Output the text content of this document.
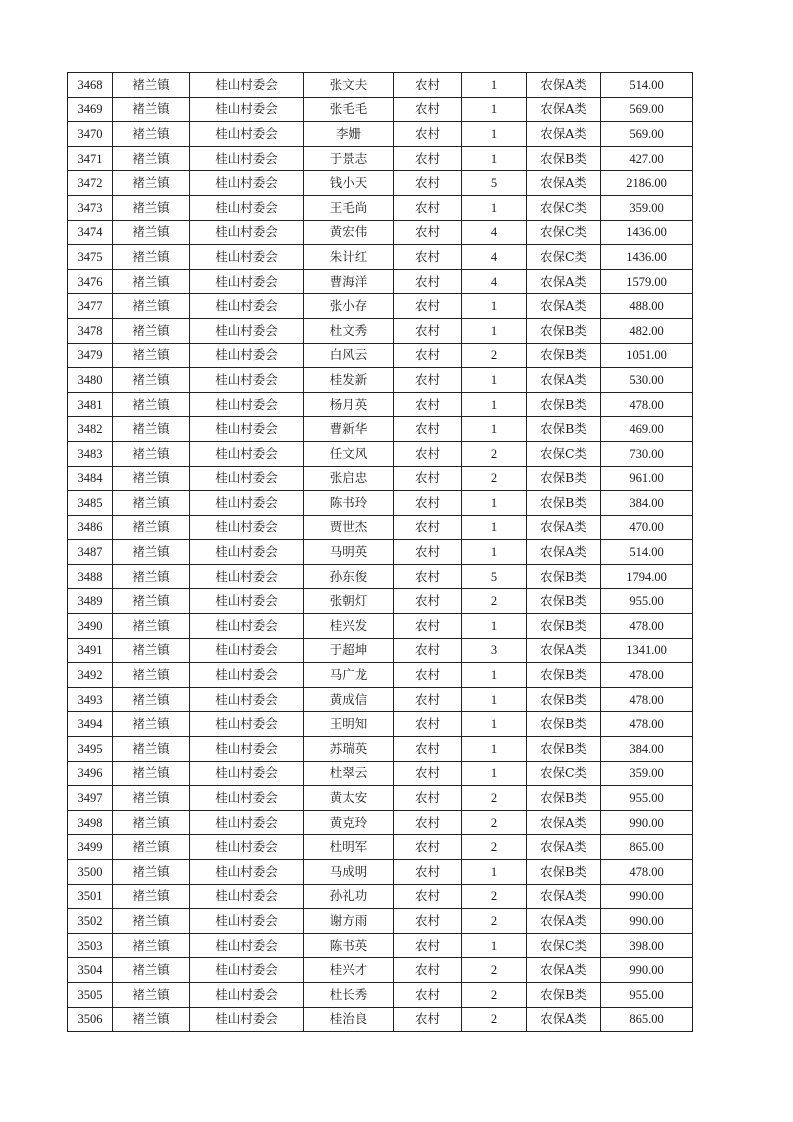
3468	褚兰镇	桂山村委会	张文夫	农村	1	农保A类	514.00
3469	褚兰镇	桂山村委会	张毛毛	农村	1	农保A类	569.00
3470	褚兰镇	桂山村委会	李姗	农村	1	农保A类	569.00
3471	褚兰镇	桂山村委会	于景志	农村	1	农保B类	427.00
3472	褚兰镇	桂山村委会	钱小天	农村	5	农保A类	2186.00
3473	褚兰镇	桂山村委会	王毛尚	农村	1	农保C类	359.00
3474	褚兰镇	桂山村委会	黄宏伟	农村	4	农保C类	1436.00
3475	褚兰镇	桂山村委会	朱计红	农村	4	农保C类	1436.00
3476	褚兰镇	桂山村委会	曹海洋	农村	4	农保A类	1579.00
3477	褚兰镇	桂山村委会	张小存	农村	1	农保A类	488.00
3478	褚兰镇	桂山村委会	杜文秀	农村	1	农保B类	482.00
3479	褚兰镇	桂山村委会	白风云	农村	2	农保B类	1051.00
3480	褚兰镇	桂山村委会	桂发新	农村	1	农保A类	530.00
3481	褚兰镇	桂山村委会	杨月英	农村	1	农保B类	478.00
3482	褚兰镇	桂山村委会	曹新华	农村	1	农保B类	469.00
3483	褚兰镇	桂山村委会	任文风	农村	2	农保C类	730.00
3484	褚兰镇	桂山村委会	张启忠	农村	2	农保B类	961.00
3485	褚兰镇	桂山村委会	陈书玲	农村	1	农保B类	384.00
3486	褚兰镇	桂山村委会	贾世杰	农村	1	农保A类	470.00
3487	褚兰镇	桂山村委会	马明英	农村	1	农保A类	514.00
3488	褚兰镇	桂山村委会	孙东俊	农村	5	农保B类	1794.00
3489	褚兰镇	桂山村委会	张朝灯	农村	2	农保B类	955.00
3490	褚兰镇	桂山村委会	桂兴发	农村	1	农保B类	478.00
3491	褚兰镇	桂山村委会	于超坤	农村	3	农保A类	1341.00
3492	褚兰镇	桂山村委会	马广龙	农村	1	农保B类	478.00
3493	褚兰镇	桂山村委会	黄成信	农村	1	农保B类	478.00
3494	褚兰镇	桂山村委会	王明知	农村	1	农保B类	478.00
3495	褚兰镇	桂山村委会	苏瑞英	农村	1	农保B类	384.00
3496	褚兰镇	桂山村委会	杜翠云	农村	1	农保C类	359.00
3497	褚兰镇	桂山村委会	黄太安	农村	2	农保B类	955.00
3498	褚兰镇	桂山村委会	黄克玲	农村	2	农保A类	990.00
3499	褚兰镇	桂山村委会	杜明军	农村	2	农保A类	865.00
3500	褚兰镇	桂山村委会	马成明	农村	1	农保B类	478.00
3501	褚兰镇	桂山村委会	孙礼功	农村	2	农保A类	990.00
3502	褚兰镇	桂山村委会	谢方雨	农村	2	农保A类	990.00
3503	褚兰镇	桂山村委会	陈书英	农村	1	农保C类	398.00
3504	褚兰镇	桂山村委会	桂兴才	农村	2	农保A类	990.00
3505	褚兰镇	桂山村委会	杜长秀	农村	2	农保B类	955.00
3506	褚兰镇	桂山村委会	桂治良	农村	2	农保A类	865.00
